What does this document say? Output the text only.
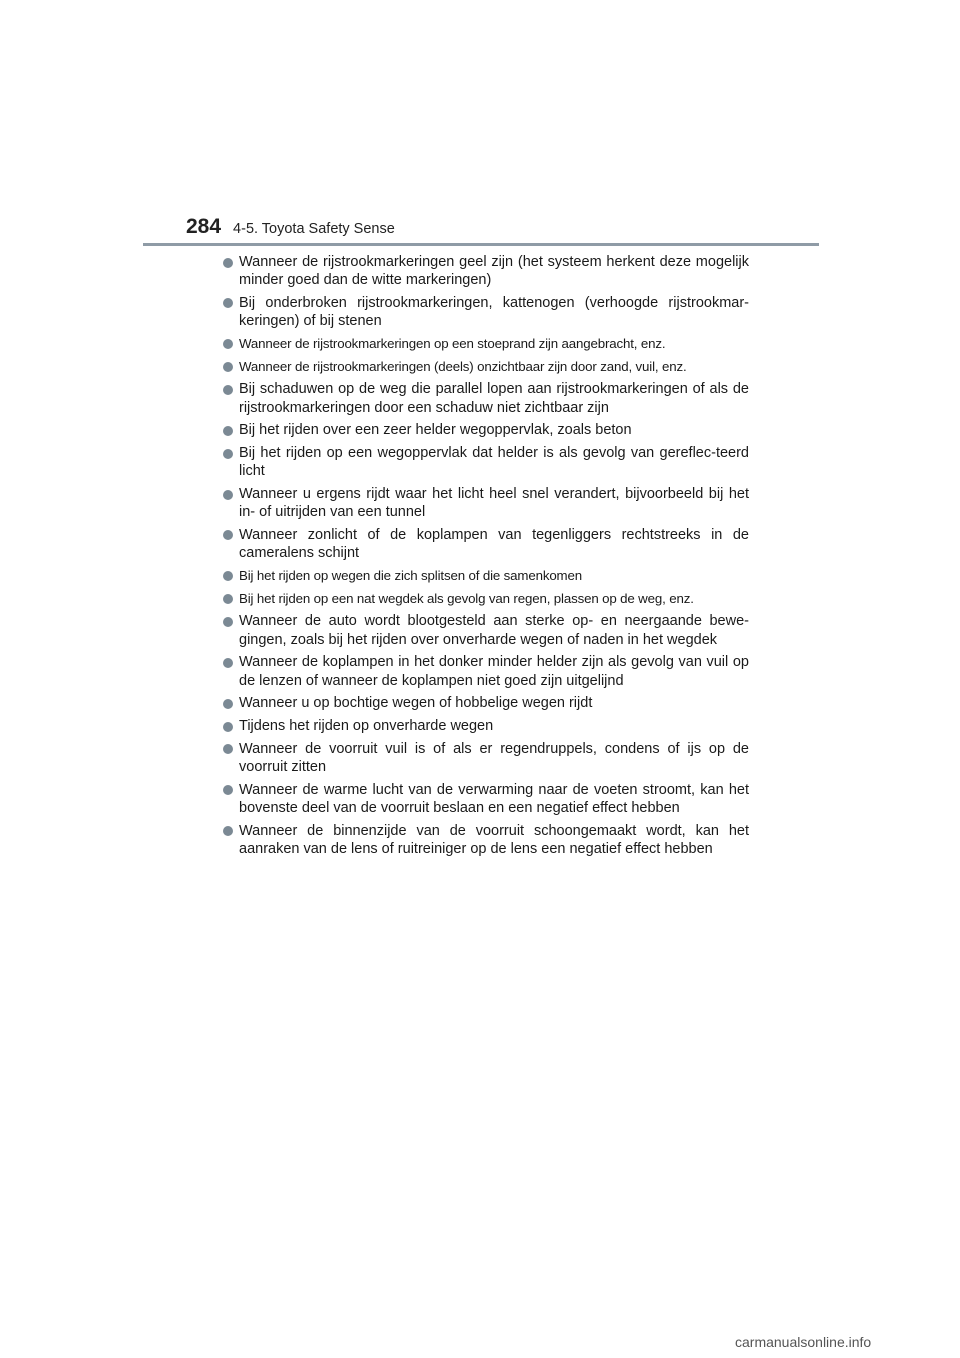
284 4-5. Toyota Safety Sense
Wanneer de rijstrookmarkeringen geel zijn (het systeem herkent deze mogelijk minder goed dan de witte markeringen)
Bij onderbroken rijstrookmarkeringen, kattenogen (verhoogde rijstrookmar-keringen) of bij stenen
Wanneer de rijstrookmarkeringen op een stoeprand zijn aangebracht, enz.
Wanneer de rijstrookmarkeringen (deels) onzichtbaar zijn door zand, vuil, enz.
Bij schaduwen op de weg die parallel lopen aan rijstrookmarkeringen of als de rijstrookmarkeringen door een schaduw niet zichtbaar zijn
Bij het rijden over een zeer helder wegoppervlak, zoals beton
Bij het rijden op een wegoppervlak dat helder is als gevolg van gereflec-teerd licht
Wanneer u ergens rijdt waar het licht heel snel verandert, bijvoorbeeld bij het in- of uitrijden van een tunnel
Wanneer zonlicht of de koplampen van tegenliggers rechtstreeks in de cameralens schijnt
Bij het rijden op wegen die zich splitsen of die samenkomen
Bij het rijden op een nat wegdek als gevolg van regen, plassen op de weg, enz.
Wanneer de auto wordt blootgesteld aan sterke op- en neergaande bewe-gingen, zoals bij het rijden over onverharde wegen of naden in het wegdek
Wanneer de koplampen in het donker minder helder zijn als gevolg van vuil op de lenzen of wanneer de koplampen niet goed zijn uitgelijnd
Wanneer u op bochtige wegen of hobbelige wegen rijdt
Tijdens het rijden op onverharde wegen
Wanneer de voorruit vuil is of als er regendruppels, condens of ijs op de voorruit zitten
Wanneer de warme lucht van de verwarming naar de voeten stroomt, kan het bovenste deel van de voorruit beslaan en een negatief effect hebben
Wanneer de binnenzijde van de voorruit schoongemaakt wordt, kan het aanraken van de lens of ruitreiniger op de lens een negatief effect hebben
carmanualsonline.info
